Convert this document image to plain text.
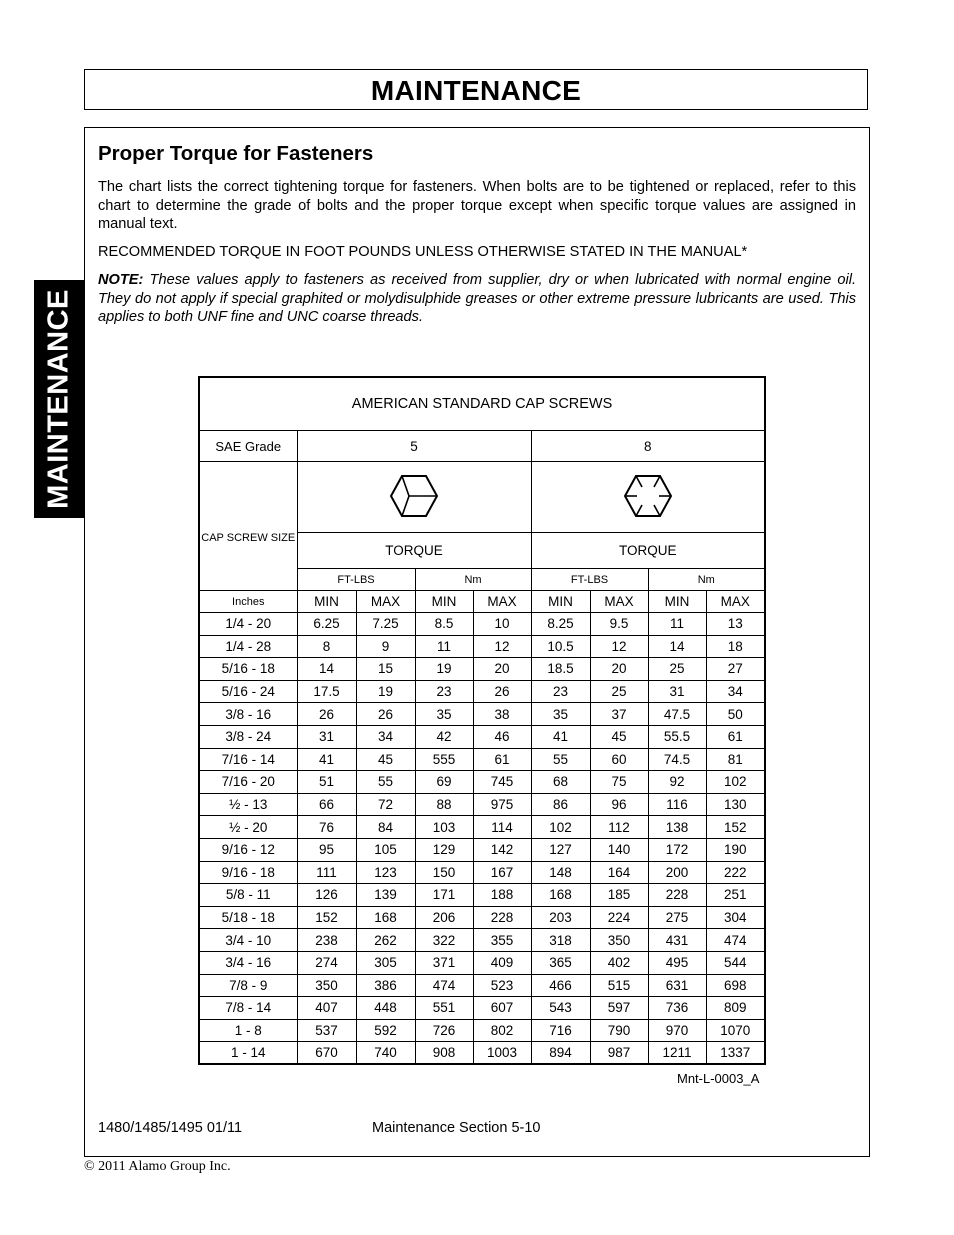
MAINTENANCE
MAINTENANCE
Proper Torque for Fasteners

The chart lists the correct tightening torque for fasteners. When bolts are to be tightened or replaced, refer to this chart to determine the grade of bolts and the proper torque except when specific torque values are assigned in manual text.

RECOMMENDED TORQUE IN FOOT POUNDS UNLESS OTHERWISE STATED IN THE MANUAL*

NOTE: These values apply to fasteners as received from supplier, dry or when lubricated with normal engine oil. They do not apply if special graphited or molydisulphide greases or other extreme pressure lubricants are used. This applies to both UNF fine and UNC coarse threads.

AMERICAN STANDARD CAP SCREWS								
SAE Grade	5				8			
CAP SCREW SIZE		
	TORQUE				TORQUE			
	FT-LBS		Nm		FT-LBS		Nm	
Inches	MIN	MAX	MIN	MAX	MIN	MAX	MIN	MAX
1/4 - 20	6.25	7.25	8.5	10	8.25	9.5	11	13
1/4 - 28	8	9	11	12	10.5	12	14	18
5/16 - 18	14	15	19	20	18.5	20	25	27
5/16 - 24	17.5	19	23	26	23	25	31	34
3/8 - 16	26	26	35	38	35	37	47.5	50
3/8 - 24	31	34	42	46	41	45	55.5	61
7/16 - 14	41	45	555	61	55	60	74.5	81
7/16 - 20	51	55	69	745	68	75	92	102
½ - 13	66	72	88	975	86	96	116	130
½ - 20	76	84	103	114	102	112	138	152
9/16 - 12	95	105	129	142	127	140	172	190
9/16 - 18	111	123	150	167	148	164	200	222
5/8 - 11	126	139	171	188	168	185	228	251
5/18 - 18	152	168	206	228	203	224	275	304
3/4 - 10	238	262	322	355	318	350	431	474
3/4 - 16	274	305	371	409	365	402	495	544
7/8 - 9	350	386	474	523	466	515	631	698
7/8 - 14	407	448	551	607	543	597	736	809
1 - 8	537	592	726	802	716	790	970	1070
1 - 14	670	740	908	1003	894	987	1211	1337
Mnt-L-0003_A
1480/1485/1495 01/11	Maintenance Section 5-10
© 2011 Alamo Group Inc.
